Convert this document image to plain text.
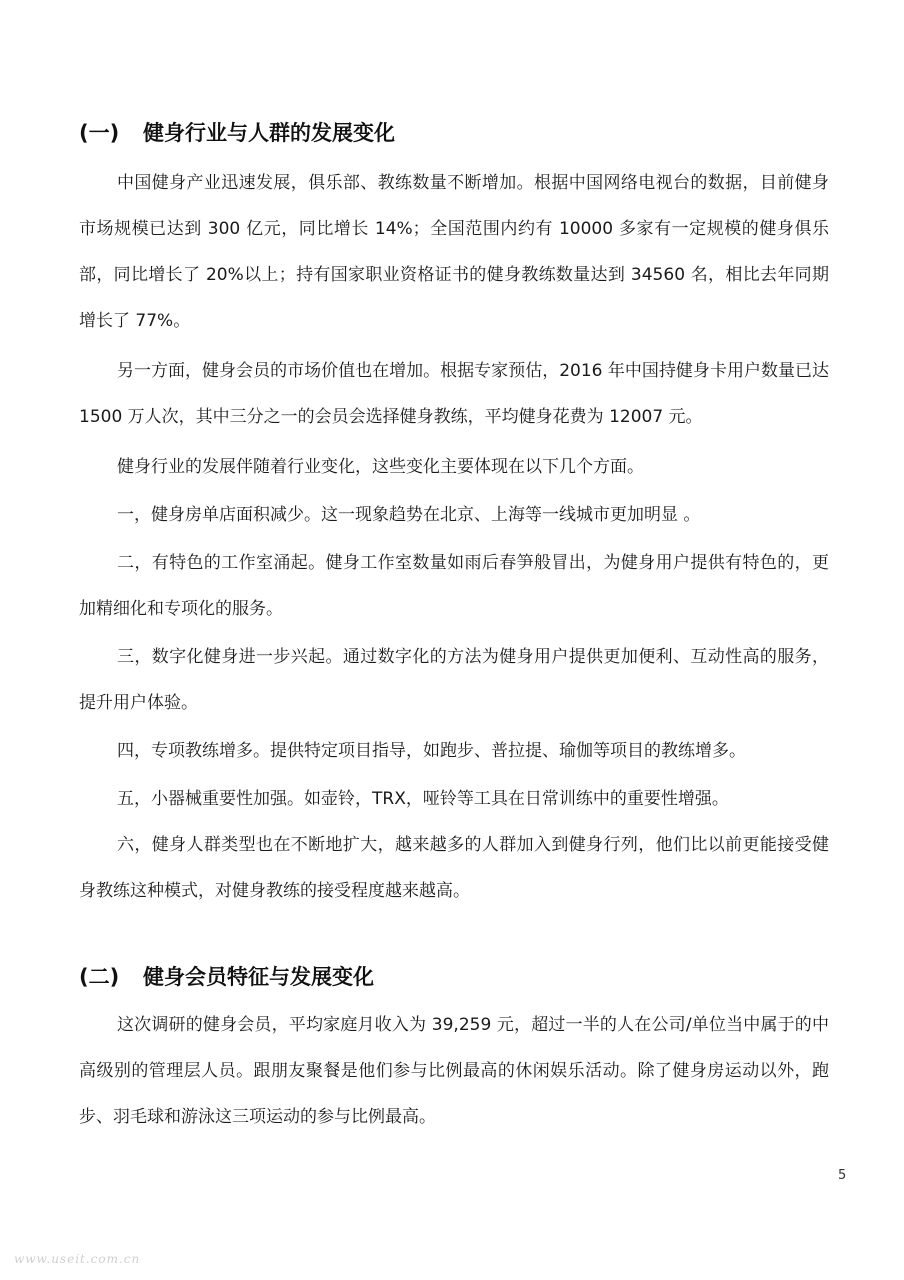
(一) 健身行业与人群的发展变化

中国健身产业迅速发展，俱乐部、教练数量不断增加。根据中国网络电视台的数据，目前健身市场规模已达到 300 亿元，同比增长 14%；全国范围内约有 10000 多家有一定规模的健身俱乐部，同比增长了 20%以上；持有国家职业资格证书的健身教练数量达到 34560 名，相比去年同期增长了 77%。

另一方面，健身会员的市场价值也在增加。根据专家预估，2016 年中国持健身卡用户数量已达 1500 万人次，其中三分之一的会员会选择健身教练，平均健身花费为 12007 元。

健身行业的发展伴随着行业变化，这些变化主要体现在以下几个方面。

一，健身房单店面积减少。这一现象趋势在北京、上海等一线城市更加明显 。

二，有特色的工作室涌起。健身工作室数量如雨后春笋般冒出，为健身用户提供有特色的，更加精细化和专项化的服务。

三，数字化健身进一步兴起。通过数字化的方法为健身用户提供更加便利、互动性高的服务，提升用户体验。

四，专项教练增多。提供特定项目指导，如跑步、普拉提、瑜伽等项目的教练增多。

五，小器械重要性加强。如壶铃，TRX，哑铃等工具在日常训练中的重要性增强。

六，健身人群类型也在不断地扩大，越来越多的人群加入到健身行列，他们比以前更能接受健身教练这种模式，对健身教练的接受程度越来越高。

(二) 健身会员特征与发展变化

这次调研的健身会员，平均家庭月收入为 39,259 元，超过一半的人在公司/单位当中属于的中高级别的管理层人员。跟朋友聚餐是他们参与比例最高的休闲娱乐活动。除了健身房运动以外，跑步、羽毛球和游泳这三项运动的参与比例最高。

5
www.useit.com.cn
